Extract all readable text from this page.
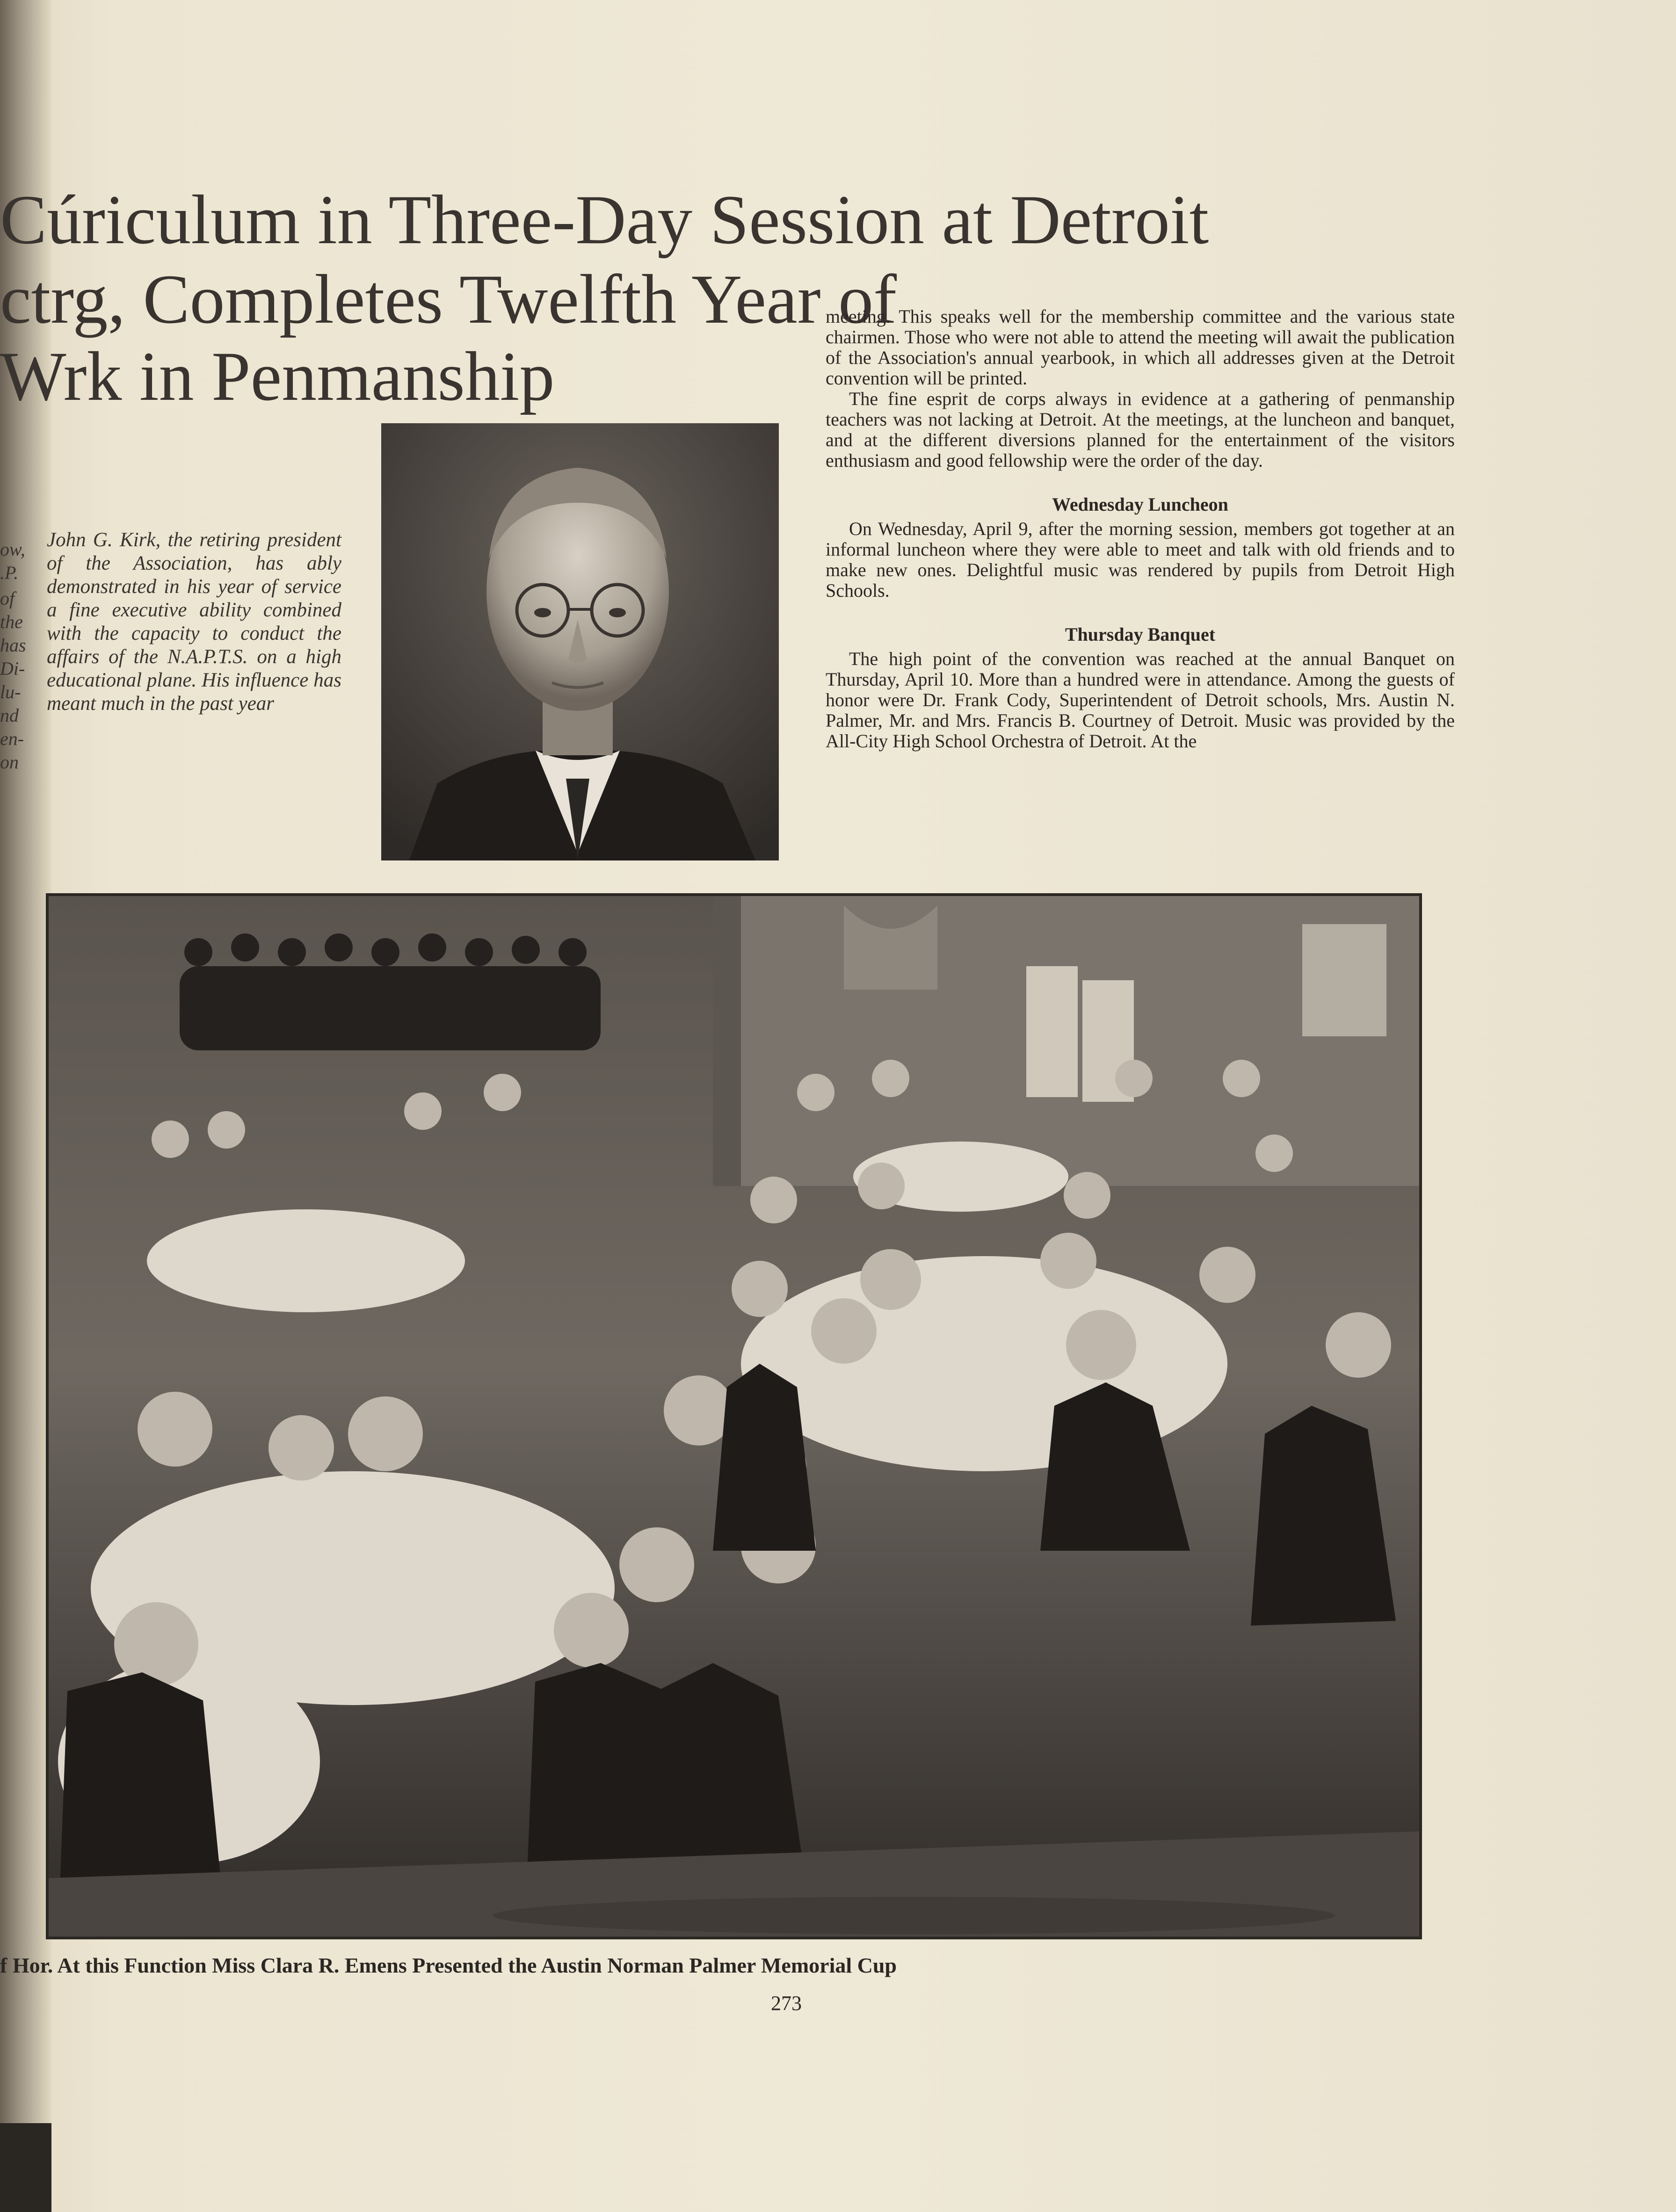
Cúriculum in Three-Day Session at Detroit
ctrg, Completes Twelfth Year of
Wrk in Penmanship
ow,
.P.
of
the
has
Di-
lu-
nd
en-
on

John G. Kirk, the retiring president of the Association, has ably demonstrated in his year of service a fine executive ability combined with the capacity to conduct the affairs of the N.A.P.T.S. on a high educational plane. His influence has meant much in the past year

meeting. This speaks well for the membership committee and the various state chairmen. Those who were not able to attend the meeting will await the publication of the Association's annual yearbook, in which all addresses given at the Detroit convention will be printed.

The fine esprit de corps always in evidence at a gathering of penmanship teachers was not lacking at Detroit. At the meetings, at the luncheon and banquet, and at the different diversions planned for the entertainment of the visitors enthusiasm and good fellowship were the order of the day.

Wednesday Luncheon

On Wednesday, April 9, after the morning session, members got together at an informal luncheon where they were able to meet and talk with old friends and to make new ones. Delightful music was rendered by pupils from Detroit High Schools.

Thursday Banquet

The high point of the convention was reached at the annual Banquet on Thursday, April 10. More than a hundred were in attendance. Among the guests of honor were Dr. Frank Cody, Superintendent of Detroit schools, Mrs. Austin N. Palmer, Mr. and Mrs. Francis B. Courtney of Detroit. Music was provided by the All-City High School Orchestra of Detroit. At the

f Hor. At this Function Miss Clara R. Emens Presented the Austin Norman Palmer Memorial Cup
273
